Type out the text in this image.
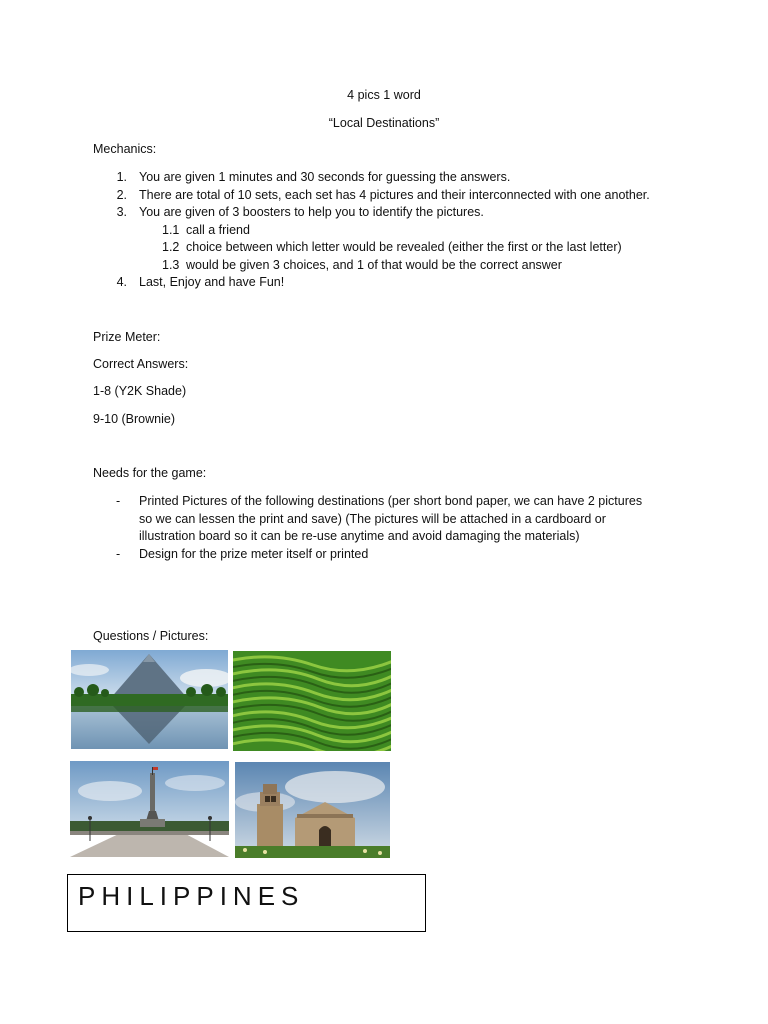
4 pics 1 word
“Local Destinations”
Mechanics:
1. You are given 1 minutes and 30 seconds for guessing the answers.
2. There are total of 10 sets, each set has 4 pictures and their interconnected with one another.
3. You are given of 3 boosters to help you to identify the pictures.
1.1 call a friend
1.2 choice between which letter would be revealed (either the first or the last letter)
1.3 would be given 3 choices, and 1 of that would be the correct answer
4. Last, Enjoy and have Fun!
Prize Meter:
Correct Answers:
1-8 (Y2K Shade)
9-10 (Brownie)
Needs for the game:
- Printed Pictures of the following destinations (per short bond paper, we can have 2 pictures
so we can lessen the print and save) (The pictures will be attached in a cardboard or
illustration board so it can be re-use anytime and avoid damaging the materials)
- Design for the prize meter itself or printed
Questions / Pictures:
PHILIPPINES
